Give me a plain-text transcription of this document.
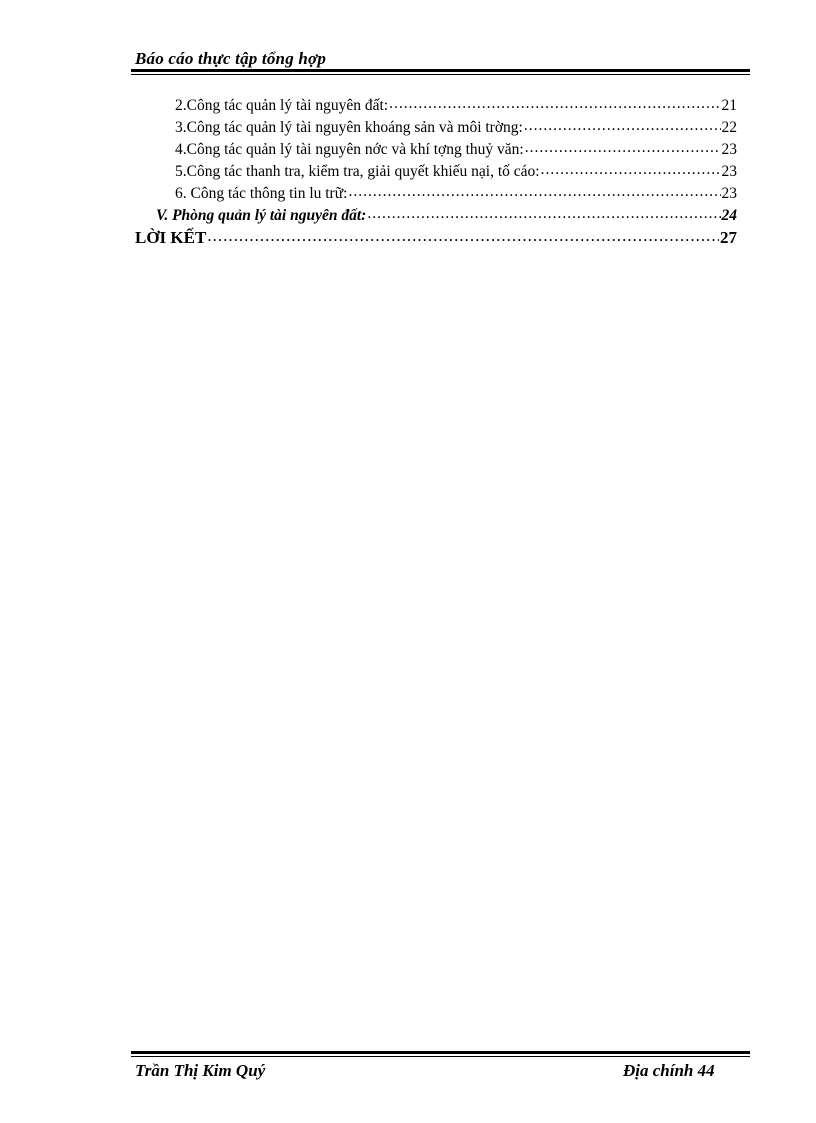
Báo cáo thực tập tổng hợp
2.Công tác quản lý tài nguyên đất: .....	21
3.Công tác quản lý tài nguyên khoáng sản và môi trờng: .....	22
4.Công tác quản lý tài nguyên nớc và khí tợng thuỷ văn: .....	23
5.Công tác thanh tra, kiểm tra, giải quyết khiếu nại, tố cáo: .....	23
6. Công tác thông tin lu trữ: .....	23
V. Phòng quản lý tài nguyên đất: .....	24
LỜI KẾT .....	27
Trần Thị Kim Quý	Địa chính 44
